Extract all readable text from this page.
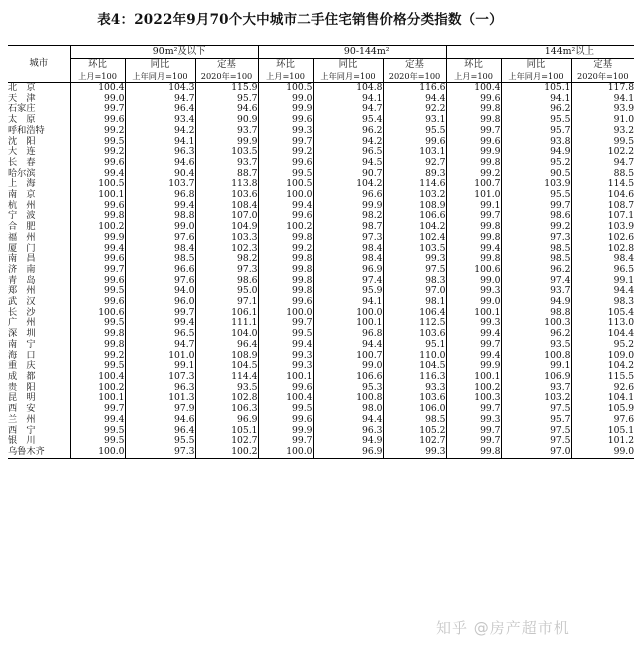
表4：2022年9月70个大中城市二手住宅销售价格分类指数（一）
城市	90m²及以下			90-144m²			144m²以上		
	环比	同比	定基	环比	同比	定基	环比	同比	定基
	上月=100	上年同月=100	2020年=100	上月=100	上年同月=100	2020年=100	上月=100	上年同月=100	2020年=100
北　京	100.4	104.3	115.9	100.5	104.8	116.6	100.4	105.1	117.8
天　津	99.0	94.7	95.7	99.0	94.1	94.4	99.6	94.1	94.1
石家庄	99.7	96.4	94.6	99.9	94.7	92.2	99.8	96.2	93.9
太　原	99.6	93.4	90.9	99.6	95.4	93.1	99.8	95.5	91.0
呼和浩特	99.2	94.2	93.7	99.3	96.2	95.5	99.7	95.7	93.2
沈　阳	99.5	94.1	99.9	99.7	94.2	99.6	99.6	93.8	99.5
大　连	99.2	96.3	103.5	99.2	96.5	103.1	99.9	94.9	102.2
长　春	99.6	94.6	93.7	99.6	94.5	92.7	99.8	95.2	94.7
哈尔滨	99.4	90.4	88.7	99.5	90.7	89.3	99.2	90.5	88.5
上　海	100.5	103.7	113.8	100.5	104.2	114.6	100.7	103.9	114.5
南　京	100.1	96.8	103.6	100.0	96.6	103.2	101.0	95.5	104.6
杭　州	99.6	99.4	108.4	99.4	99.9	108.9	99.1	99.7	108.7
宁　波	99.8	98.8	107.0	99.6	98.2	106.6	99.7	98.6	107.1
合　肥	100.2	99.0	104.9	100.2	98.7	104.2	99.8	99.2	103.9
福　州	99.9	97.6	103.3	99.8	97.3	102.4	99.8	97.3	102.6
厦　门	99.4	98.4	102.3	99.2	98.4	103.5	99.4	98.5	102.8
南　昌	99.6	98.5	98.2	99.8	98.4	99.3	99.8	98.5	98.4
济　南	99.7	96.6	97.3	99.8	96.9	97.5	100.6	96.2	96.5
青　岛	99.6	97.6	98.6	99.8	97.4	98.3	99.0	97.4	99.1
郑　州	99.5	94.0	95.0	99.8	95.9	97.0	99.3	93.7	94.4
武　汉	99.6	96.0	97.1	99.6	94.1	98.1	99.0	94.9	98.3
长　沙	100.6	99.7	106.1	100.0	100.0	106.4	100.1	98.8	105.4
广　州	99.5	99.4	111.1	99.7	100.1	112.5	99.3	100.3	113.0
深　圳	99.8	96.5	104.0	99.5	96.8	103.6	99.4	96.2	104.4
南　宁	99.8	94.7	96.4	99.4	94.4	95.1	99.7	93.5	95.2
海　口	99.2	101.0	108.9	99.3	100.7	110.0	99.4	100.8	109.0
重　庆	99.5	99.1	104.5	99.3	99.0	104.5	99.9	99.1	104.2
成　都	100.4	107.3	114.4	100.1	106.6	116.3	100.1	106.9	115.5
贵　阳	100.2	96.3	93.5	99.6	95.3	93.3	100.2	93.7	92.6
昆　明	100.1	101.3	102.8	100.4	100.8	103.6	100.3	103.2	104.1
西　安	99.7	97.9	106.3	99.5	98.0	106.0	99.7	97.5	105.9
兰　州	99.4	94.6	96.9	99.6	94.4	98.5	99.3	95.7	97.6
西　宁	99.5	96.4	105.1	99.9	96.3	105.2	99.7	97.5	105.1
银　川	99.5	95.5	102.7	99.7	94.9	102.7	99.7	97.5	101.2
乌鲁木齐	100.0	97.3	100.2	100.0	96.9	99.3	99.8	97.0	99.0
知乎 @房产超市机
